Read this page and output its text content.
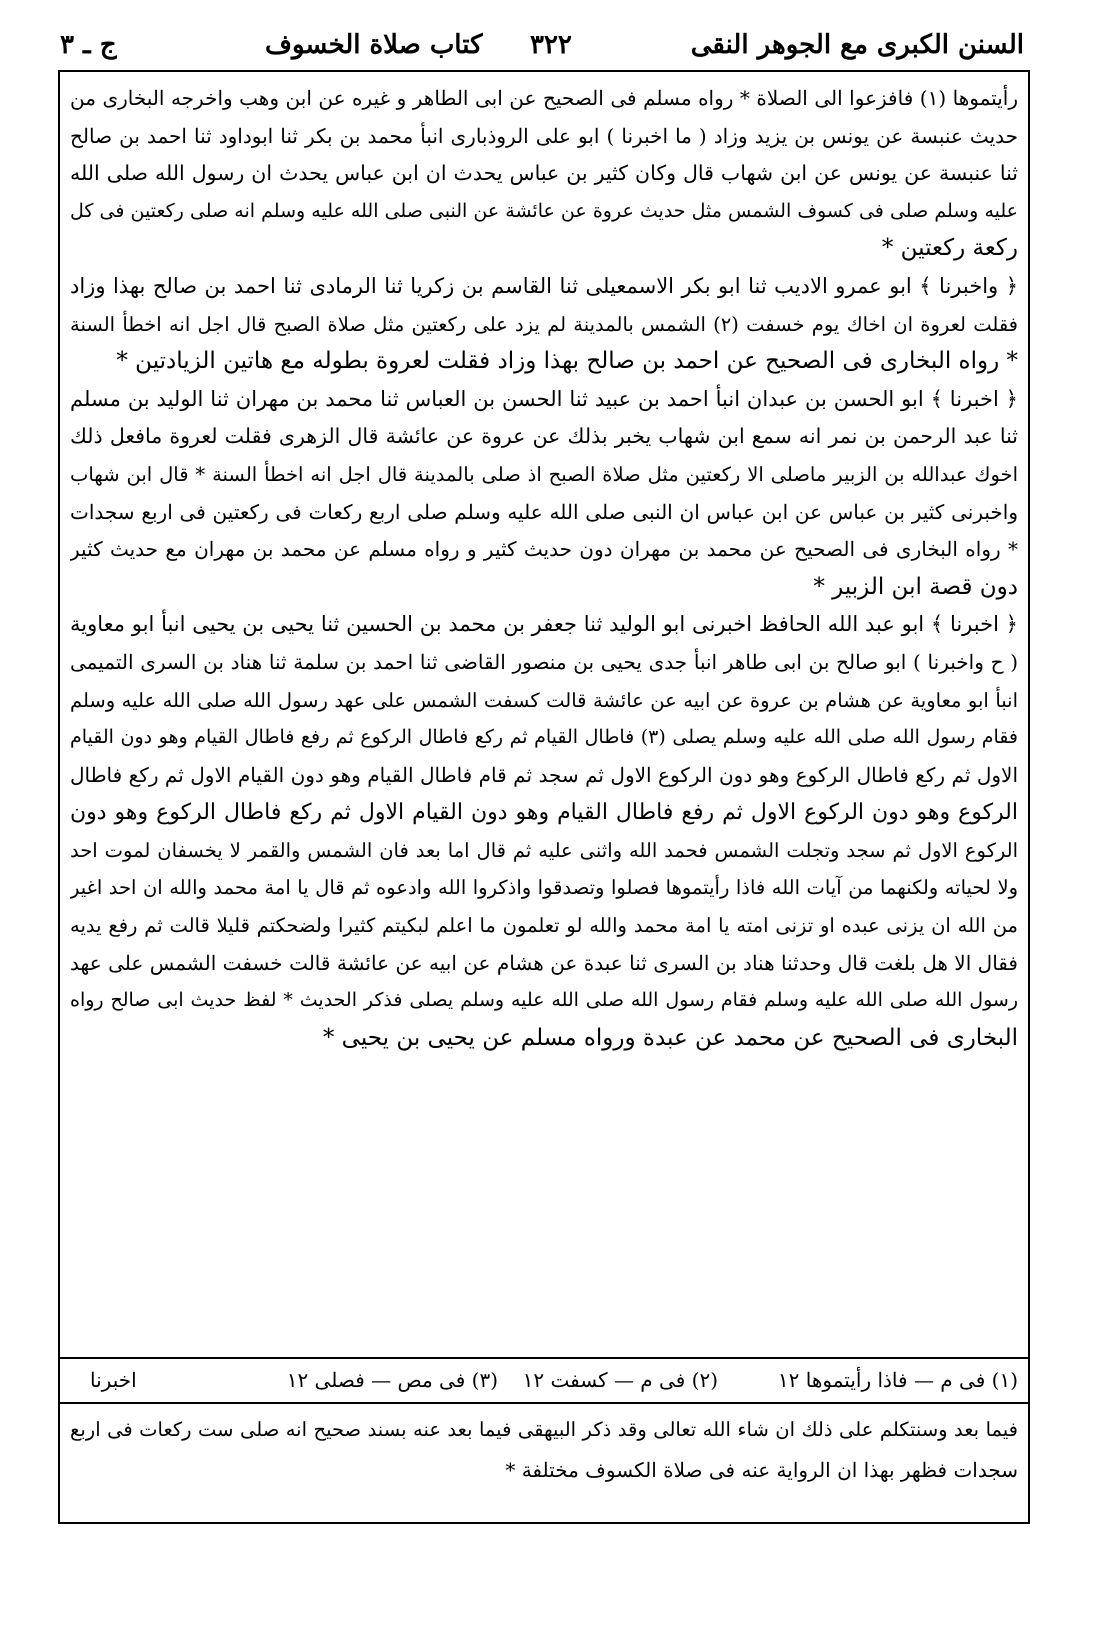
السنن الكبرى مع الجوهر النقى
٣٢٢
كتاب صلاة الخسوف
ج ـ ٣
رأيتموها (١) فافزعوا الى الصلاة * رواه مسلم فى الصحيح عن ابى الطاهر و غيره عن ابن وهب واخرجه البخارى من
حديث عنبسة عن يونس بن يزيد وزاد ( ما اخبرنا ) ابو على الروذبارى انبأ محمد بن بكر ثنا ابوداود ثنا احمد بن صالح
ثنا عنبسة عن يونس عن ابن شهاب قال وكان كثير بن عباس يحدث ان ابن عباس يحدث ان رسول الله صلى الله
عليه وسلم صلى فى كسوف الشمس مثل حديث عروة عن عائشة عن النبى صلى الله عليه وسلم انه صلى ركعتين فى كل
ركعة ركعتين *
﴿ واخبرنا ﴾ ابو عمرو الاديب ثنا ابو بكر الاسمعيلى ثنا القاسم بن زكريا ثنا الرمادى ثنا احمد بن صالح بهذا وزاد
فقلت لعروة ان اخاك يوم خسفت (٢) الشمس بالمدينة لم يزد على ركعتين مثل صلاة الصبح قال اجل انه اخطأ السنة
* رواه البخارى فى الصحيح عن احمد بن صالح بهذا وزاد فقلت لعروة بطوله مع هاتين الزيادتين *
﴿ اخبرنا ﴾ ابو الحسن بن عبدان انبأ احمد بن عبيد ثنا الحسن بن العباس ثنا محمد بن مهران ثنا الوليد بن مسلم
ثنا عبد الرحمن بن نمر انه سمع ابن شهاب يخبر بذلك عن عروة عن عائشة قال الزهرى فقلت لعروة مافعل ذلك
اخوك عبدالله بن الزبير ماصلى الا ركعتين مثل صلاة الصبح اذ صلى بالمدينة قال اجل انه اخطأ السنة * قال ابن شهاب
واخبرنى كثير بن عباس عن ابن عباس ان النبى صلى الله عليه وسلم صلى اربع ركعات فى ركعتين فى اربع سجدات
* رواه البخارى فى الصحيح عن محمد بن مهران دون حديث كثير و رواه مسلم عن محمد بن مهران مع حديث كثير
دون قصة ابن الزبير *
﴿ اخبرنا ﴾ ابو عبد الله الحافظ اخبرنى ابو الوليد ثنا جعفر بن محمد بن الحسين ثنا يحيى بن يحيى انبأ ابو معاوية
( ح واخبرنا ) ابو صالح بن ابى طاهر انبأ جدى يحيى بن منصور القاضى ثنا احمد بن سلمة ثنا هناد بن السرى التميمى
انبأ ابو معاوية عن هشام بن عروة عن ابيه عن عائشة قالت كسفت الشمس على عهد رسول الله صلى الله عليه وسلم
فقام رسول الله صلى الله عليه وسلم يصلى (٣) فاطال القيام ثم ركع فاطال الركوع ثم رفع فاطال القيام وهو دون القيام
الاول ثم ركع فاطال الركوع وهو دون الركوع الاول ثم سجد ثم قام فاطال القيام وهو دون القيام الاول ثم ركع فاطال
الركوع وهو دون الركوع الاول ثم رفع فاطال القيام وهو دون القيام الاول ثم ركع فاطال الركوع وهو دون
الركوع الاول ثم سجد وتجلت الشمس فحمد الله واثنى عليه ثم قال اما بعد فان الشمس والقمر لا يخسفان لموت احد
ولا لحياته ولكنهما من آيات الله فاذا رأيتموها فصلوا وتصدقوا واذكروا الله وادعوه ثم قال يا امة محمد والله ان احد اغير
من الله ان يزنى عبده او تزنى امته يا امة محمد والله لو تعلمون ما اعلم لبكيتم كثيرا ولضحكتم قليلا قالت ثم رفع يديه
فقال الا هل بلغت قال وحدثنا هناد بن السرى ثنا عبدة عن هشام عن ابيه عن عائشة قالت خسفت الشمس على عهد
رسول الله صلى الله عليه وسلم فقام رسول الله صلى الله عليه وسلم يصلى فذكر الحديث * لفظ حديث ابى صالح رواه
البخارى فى الصحيح عن محمد عن عبدة ورواه مسلم عن يحيى بن يحيى *
(١) فى م — فاذا رأيتموها ١٢
(٢) فى م — كسفت ١٢
(٣) فى مص — فصلى ١٢
اخبرنا
فيما بعد وسنتكلم على ذلك ان شاء الله تعالى وقد ذكر البيهقى فيما بعد عنه بسند صحيح انه صلى ست ركعات فى اربع
سجدات فظهر بهذا ان الرواية عنه فى صلاة الكسوف مختلفة *
